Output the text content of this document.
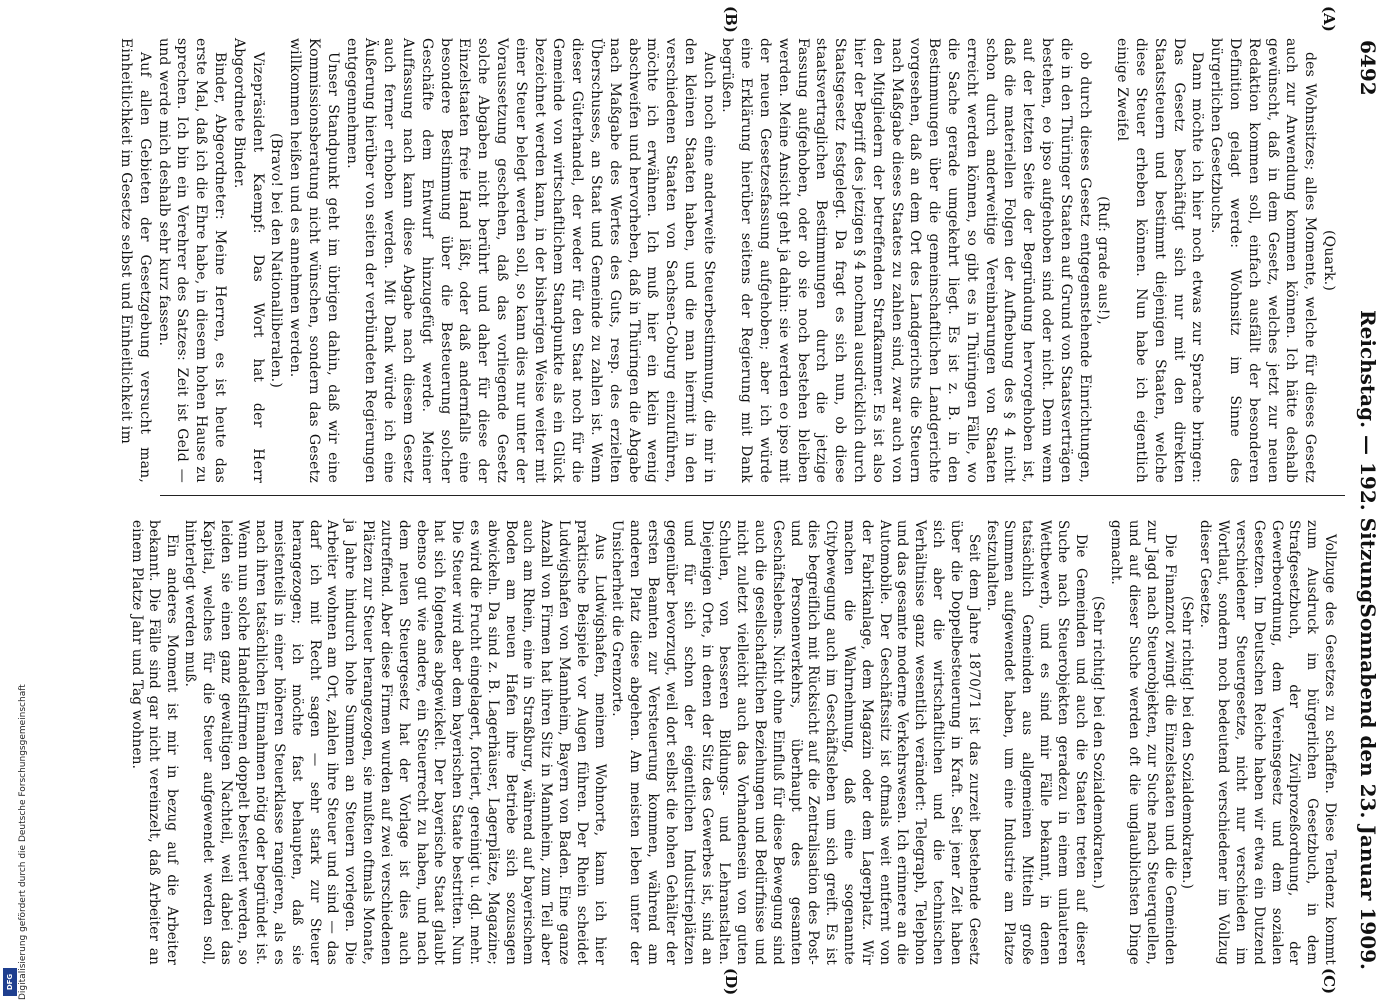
Digitalisierung gefördert durch die Deutsche Forschungsgemeinschaft
DFG
6492
Reichstag. — 192. Sitzung.
Sonnabend den 23. Januar 1909.
(A)
(B)
(C)
(D)

(Quark.)

des Wohnsitzes; alles Momente, welche für dieses Gesetz auch zur Anwendung kommen können. Ich hätte deshalb gewünscht, daß in dem Gesetz, welches jetzt zur neuen Redaktion kommen soll, einfach ausfällt der besonderen Definition gelagt werde: Wohnsitz im Sinne des bürgerlichen Gesetzbuchs.

Dann möchte ich hier noch etwas zur Sprache bringen: Das Gesetz beschäftigt sich nur mit den direkten Staatssteuern und bestimmt diejenigen Staaten, welche diese Steuer erheben können. Nun habe ich eigentlich einige Zweifel

(Ruf: grade aus!),

ob durch dieses Gesetz entgegenstehende Einrichtungen, die in den Thüringer Staaten auf Grund von Staatsverträgen bestehen, eo ipso aufgehoben sind oder nicht. Denn wenn auf der letzten Seite der Begründung hervorgehoben ist, daß die materiellen Folgen der Aufhebung des § 4 nicht schon durch anderweitige Vereinbarungen von Staaten erreicht werden können, so gibt es in Thüringen Fälle, wo die Sache gerade umgekehrt liegt. Es ist z. B. in den Bestimmungen über die gemeinschaftlichen Landgerichte vorgesehen, daß an dem Ort des Landgerichts die Steuern nach Maßgabe dieses Staates zu zahlen sind, zwar auch von den Mitgliedern der betreffenden Strafkammer. Es ist also hier der Begriff des jetzigen § 4 nochmal ausdrücklich durch Staatsgesetz festgelegt. Da fragt es sich nun, ob diese staatsvertraglichen Bestimmungen durch die jetzige Fassung aufgehoben, oder ob sie noch bestehen bleiben werden. Meine Ansicht geht ja dahin: sie werden eo ipso mit der neuen Gesetzesfassung aufgehoben; aber ich würde eine Erklärung hierüber seitens der Regierung mit Dank begrüßen.

Auch noch eine anderweite Steuerbestimmung, die mir in den kleinen Staaten haben, und die man hiermit in den verschiedenen Staaten von Sachsen-Coburg einzuführen, möchte ich erwähnen. Ich muß hier ein klein wenig abschweifen und hervorheben, daß in Thüringen die Abgabe nach Maßgabe des Wertes des Guts, resp. des erzielten Überschusses, an Staat und Gemeinde zu zahlen ist. Wenn dieser Güterhandel, der weder für den Staat noch für die Gemeinde von wirtschaftlichem Standpunkte als ein Glück bezeichnet werden kann, in der bisherigen Weise weiter mit einer Steuer belegt werden soll, so kann dies nur unter der Voraussetzung geschehen, daß das vorliegende Gesetz solche Abgaben nicht berührt und daher für diese der Einzelstaaten freie Hand läßt, oder daß andernfalls eine besondere Bestimmung über die Besteuerung solcher Geschäfte dem Entwurf hinzugefügt werde. Meiner Auffassung nach kann diese Abgabe nach diesem Gesetz auch ferner erhoben werden. Mit Dank würde ich eine Äußerung hierüber von seiten der verbündeten Regierungen entgegennehmen.

Unser Standpunkt geht im übrigen dahin, daß wir eine Kommissionsberatung nicht wünschen, sondern das Gesetz willkommen heißen und es annehmen werden.

(Bravo! bei den Nationalliberalen.)

Vizepräsident Kaempf: Das Wort hat der Herr Abgeordnete Binder.

Binder, Abgeordneter: Meine Herren, es ist heute das erste Mal, daß ich die Ehre habe, in diesem hohen Hause zu sprechen. Ich bin ein Verehrer des Satzes: Zeit ist Geld — und werde mich deshalb sehr kurz fassen.

Auf allen Gebieten der Gesetzgebung versucht man, Einheitlichkeit im Gesetze selbst und Einheitlichkeit im

Vollzuge des Gesetzes zu schaffen. Diese Tendenz kommt zum Ausdruck im bürgerlichen Gesetzbuch, in dem Strafgesetzbuch, der Zivilprozeßordnung, der Gewerbeordnung, dem Vereinsgesetz und dem sozialen Gesetzen. Im Deutschen Reiche haben wir etwa ein Dutzend verschiedener Steuergesetze, nicht nur verschieden im Wortlaut, sondern noch bedeutend verschiedener im Vollzug dieser Gesetze.

(Sehr richtig! bei den Sozialdemokraten.)

Die Finanznot zwingt die Einzelstaaten und die Gemeinden zur Jagd nach Steuerobjekten, zur Suche nach Steuerquellen, und auf dieser Suche werden oft die unglaublichsten Dinge gemacht.

(Sehr richtig! bei den Sozialdemokraten.)

Die Gemeinden und auch die Staaten treten auf dieser Suche nach Steuerobjekten geradezu in einem unlauteren Wettbewerb, und es sind mir Fälle bekannt, in denen tatsächlich Gemeinden aus allgemeinen Mitteln große Summen aufgewendet haben, um eine Industrie am Platze festzuhalten.

Seit dem Jahre 1870/71 ist das zurzeit bestehende Gesetz über die Doppelbesteuerung in Kraft. Seit jener Zeit haben sich aber die wirtschaftlichen und die technischen Verhältnisse ganz wesentlich verändert: Telegraph, Telephon und das gesamte moderne Verkehrswesen. Ich erinnere an die Automobile. Der Geschäftssitz ist oftmals weit entfernt von der Fabrikanlage, dem Magazin oder dem Lagerplatz. Wir machen die Wahrnehmung, daß eine sogenannte Citybewegung auch im Geschäftsleben um sich greift. Es ist dies begreiflich mit Rücksicht auf die Zentralisation des Post- und Personenverkehrs, überhaupt des gesamten Geschäftslebens. Nicht ohne Einfluß für diese Bewegung sind auch die gesellschaftlichen Beziehungen und Bedürfnisse und nicht zuletzt vielleicht auch das Vorhandensein von guten Schulen, von besseren Bildungs- und Lehranstalten. Diejenigen Orte, in denen der Sitz des Gewerbes ist, sind an und für sich schon der eigentlichen Industrieplätzen gegenüber bevorzugt, weil dort selbst die hohen Gehälter der ersten Beamten zur Versteuerung kommen, während am anderen Platz diese abgehen. Am meisten leben unter der Unsicherheit die Grenzorte.

Aus Ludwigshafen, meinem Wohnorte, kann ich hier praktische Beispiele vor Augen führen. Der Rhein scheidet Ludwigshafen von Mannheim, Bayern von Baden. Eine ganze Anzahl von Firmen hat ihren Sitz in Mannheim, zum Teil aber auch am Rhein, eine in Straßburg, während auf bayerischem Boden am neuen Hafen ihre Betriebe sich sozusagen abwickeln. Da sind z. B. Lagerhäuser, Lagerplätze, Magazine; es wird die Frucht eingelagert, fortiert, gereinigt u. dgl. mehr. Die Steuer wird aber dem bayerischen Staate bestritten. Nun hat sich folgendes abgewickelt. Der bayerische Staat glaubt ebenso gut wie andere, ein Steuerrecht zu haben, und nach dem neuen Steuergesetz hat der Vorlage ist dies auch zutreffend. Aber diese Firmen wurden auf zwei verschiedenen Plätzen zur Steuer herangezogen, sie mußten oftmals Monate, ja Jahre hindurch hohe Summen an Steuern vorlegen. Die Arbeiter wohnen am Ort, zahlen ihre Steuer und sind — das darf ich mit Recht sagen — sehr stark zur Steuer herangezogen; ich möchte fast behaupten, daß sie meistenteils in einer höheren Steuerklasse rangieren, als es nach ihren tatsächlichen Einnahmen nötig oder begründet ist. Wenn nun solche Handelsfirmen doppelt besteuert werden, so leiden sie einen ganz gewaltigen Nachteil, weil dabei das Kapital, welches für die Steuer aufgewendet werden soll, hinterlegt werden muß.

Ein anderes Moment ist mir in bezug auf die Arbeiter bekannt. Die Fälle sind gar nicht vereinzelt, daß Arbeiter an einem Platze Jahr und Tag wohnen.
